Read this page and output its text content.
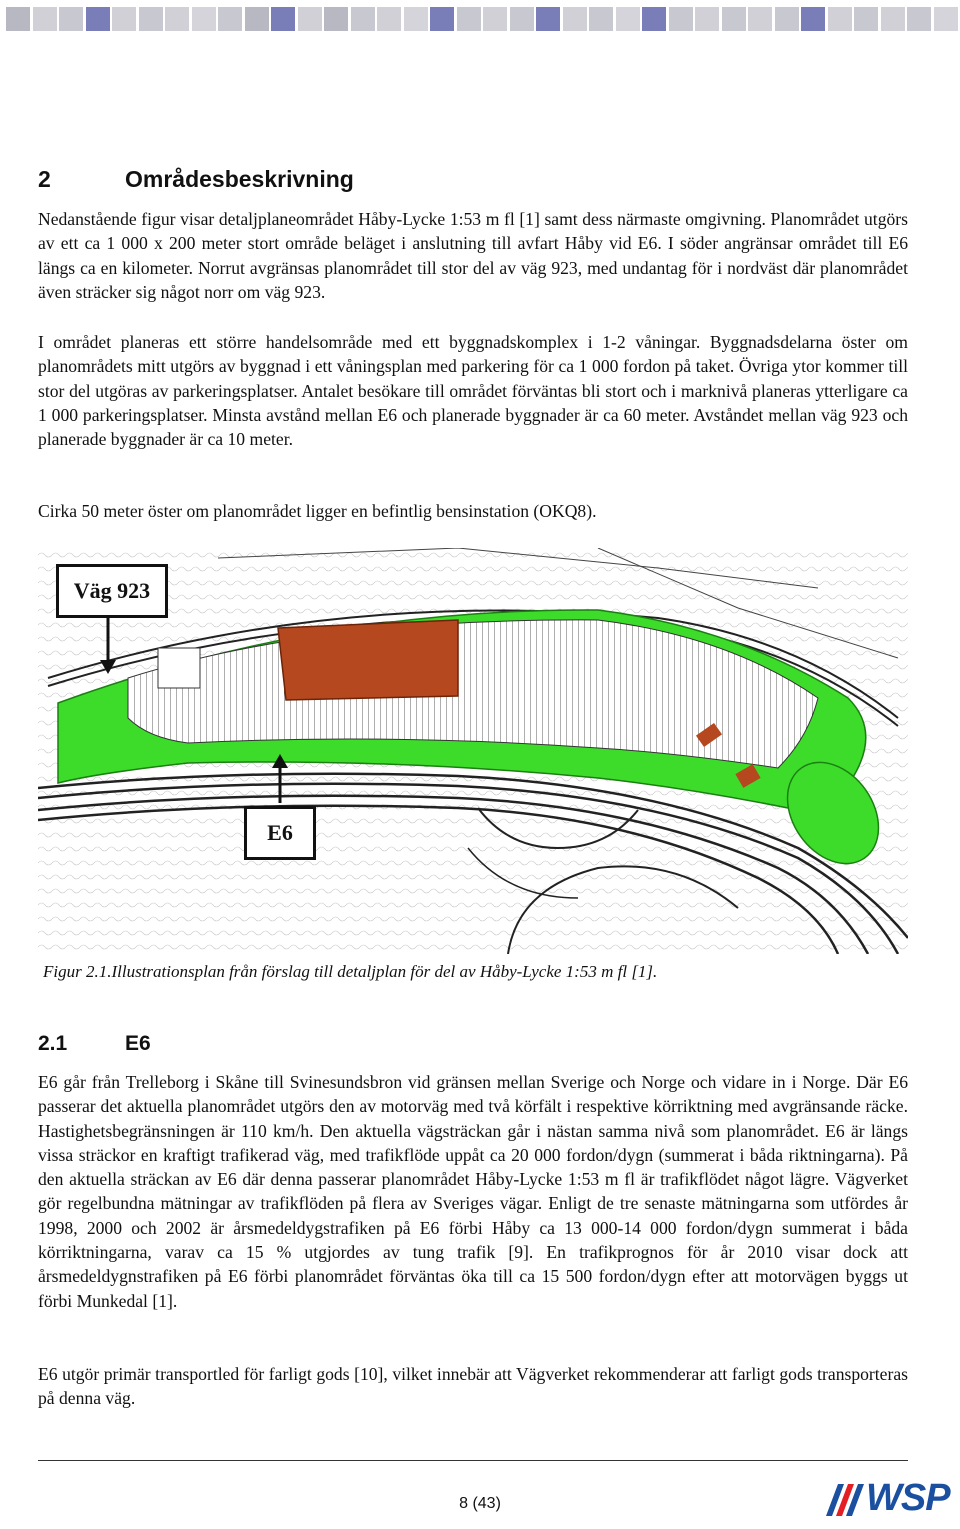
2	Områdesbeskrivning

Nedanstående figur visar detaljplaneområdet Håby-Lycke 1:53 m fl [1] samt dess närmaste omgivning. Planområdet utgörs av ett ca 1 000 x 200 meter stort område beläget i anslutning till avfart Håby vid E6. I söder angränsar området till E6 längs ca en kilometer. Norrut avgränsas planområdet till stor del av väg 923, med undantag för i nordväst där planområdet även sträcker sig något norr om väg 923.

I området planeras ett större handelsområde med ett byggnadskomplex i 1-2 våningar. Byggnadsdelarna öster om planområdets mitt utgörs av byggnad i ett våningsplan med parkering för ca 1 000 fordon på taket. Övriga ytor kommer till stor del utgöras av parkeringsplatser. Antalet besökare till området förväntas bli stort och i marknivå planeras ytterligare ca 1 000 parkeringsplatser. Minsta avstånd mellan E6 och planerade byggnader är ca 60 meter. Avståndet mellan väg 923 och planerade byggnader är ca 10 meter.

Cirka 50 meter öster om planområdet ligger en befintlig bensinstation (OKQ8).

Väg 923
E6

Figur 2.1.Illustrationsplan från förslag till detaljplan för del av Håby-Lycke 1:53 m fl [1].

2.1	E6

E6 går från Trelleborg i Skåne till Svinesundsbron vid gränsen mellan Sverige och Norge och vidare in i Norge. Där E6 passerar det aktuella planområdet utgörs den av motorväg med två körfält i respektive körriktning med avgränsande räcke. Hastighetsbegränsningen är 110 km/h. Den aktuella vägsträckan går i nästan samma nivå som planområdet. E6 är längs vissa sträckor en kraftigt trafikerad väg, med trafikflöde uppåt ca 20 000 fordon/dygn (summerat i båda riktningarna). På den aktuella sträckan av E6 där denna passerar planområdet Håby-Lycke 1:53 m fl är trafikflödet något lägre. Vägverket gör regelbundna mätningar av trafikflöden på flera av Sveriges vägar. Enligt de tre senaste mätningarna som utfördes år 1998, 2000 och 2002 är årsmedeldygstrafiken på E6 förbi Håby ca 13 000-14 000 fordon/dygn summerat i båda körriktningarna, varav ca 15 % utgjordes av tung trafik [9]. En trafikprognos för år 2010 visar dock att årsmedeldygnstrafiken på E6 förbi planområdet förväntas öka till ca 15 500 fordon/dygn efter att motorvägen byggs ut förbi Munkedal [1].

E6 utgör primär transportled för farligt gods [10], vilket innebär att Vägverket rekommenderar att farligt gods transporteras på denna väg.

8 (43)	WSP
